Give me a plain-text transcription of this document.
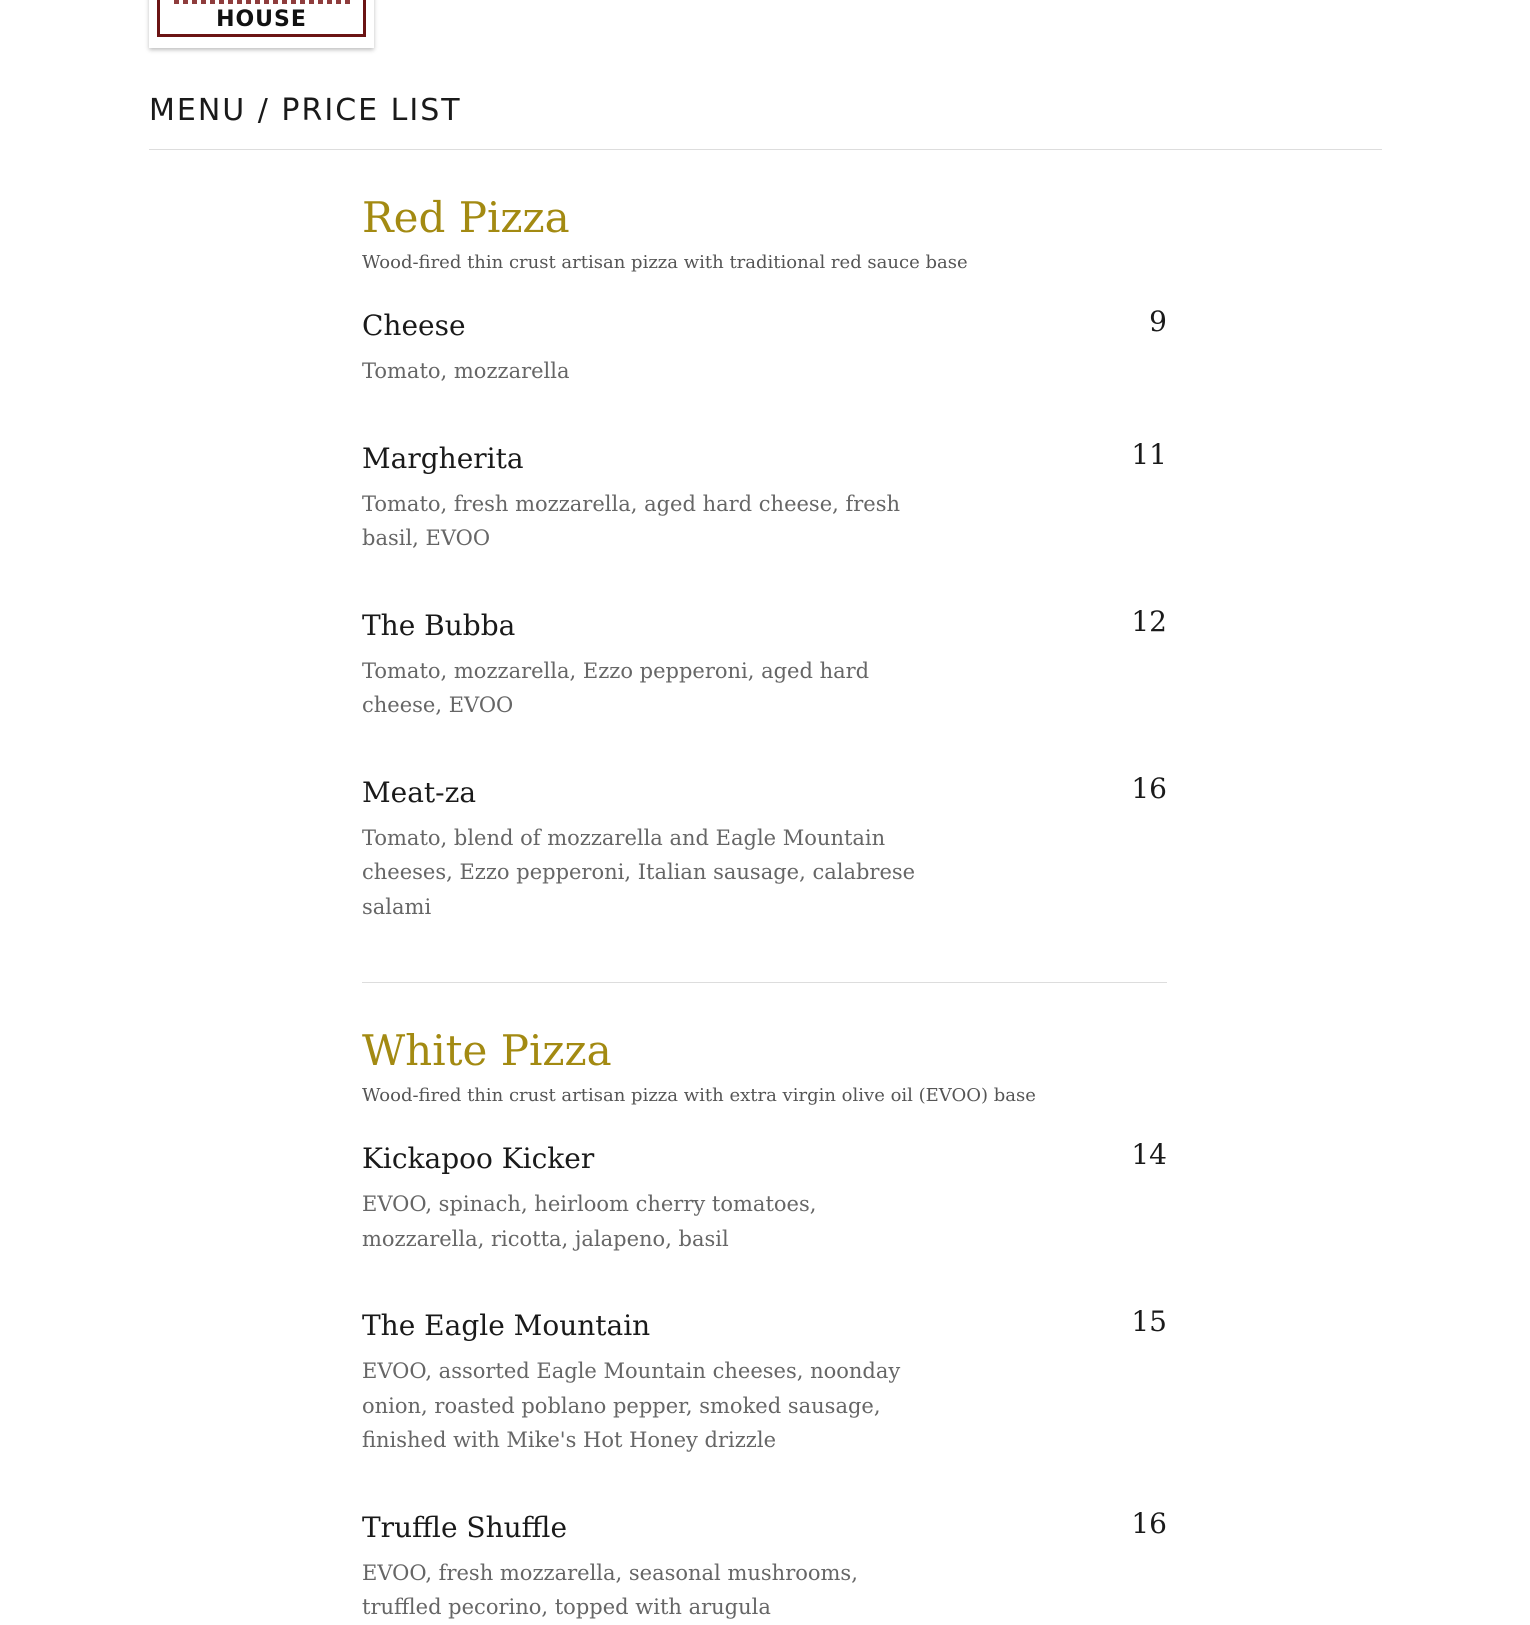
HOUSE
MENU / PRICE LIST
Red Pizza

Wood-fired thin crust artisan pizza with traditional red sauce base

Cheese	9
Tomato, mozzarella
Margherita	11
Tomato, fresh mozzarella, aged hard cheese, fresh basil, EVOO
The Bubba	12
Tomato, mozzarella, Ezzo pepperoni, aged hard cheese, EVOO
Meat-za	16
Tomato, blend of mozzarella and Eagle Mountain cheeses, Ezzo pepperoni, Italian sausage, calabrese salami
White Pizza

Wood-fired thin crust artisan pizza with extra virgin olive oil (EVOO) base

Kickapoo Kicker	14
EVOO, spinach, heirloom cherry tomatoes, mozzarella, ricotta, jalapeno, basil
The Eagle Mountain	15
EVOO, assorted Eagle Mountain cheeses, noonday onion, roasted poblano pepper, smoked sausage, finished with Mike's Hot Honey drizzle
Truffle Shuffle	16
EVOO, fresh mozzarella, seasonal mushrooms, truffled pecorino, topped with arugula
